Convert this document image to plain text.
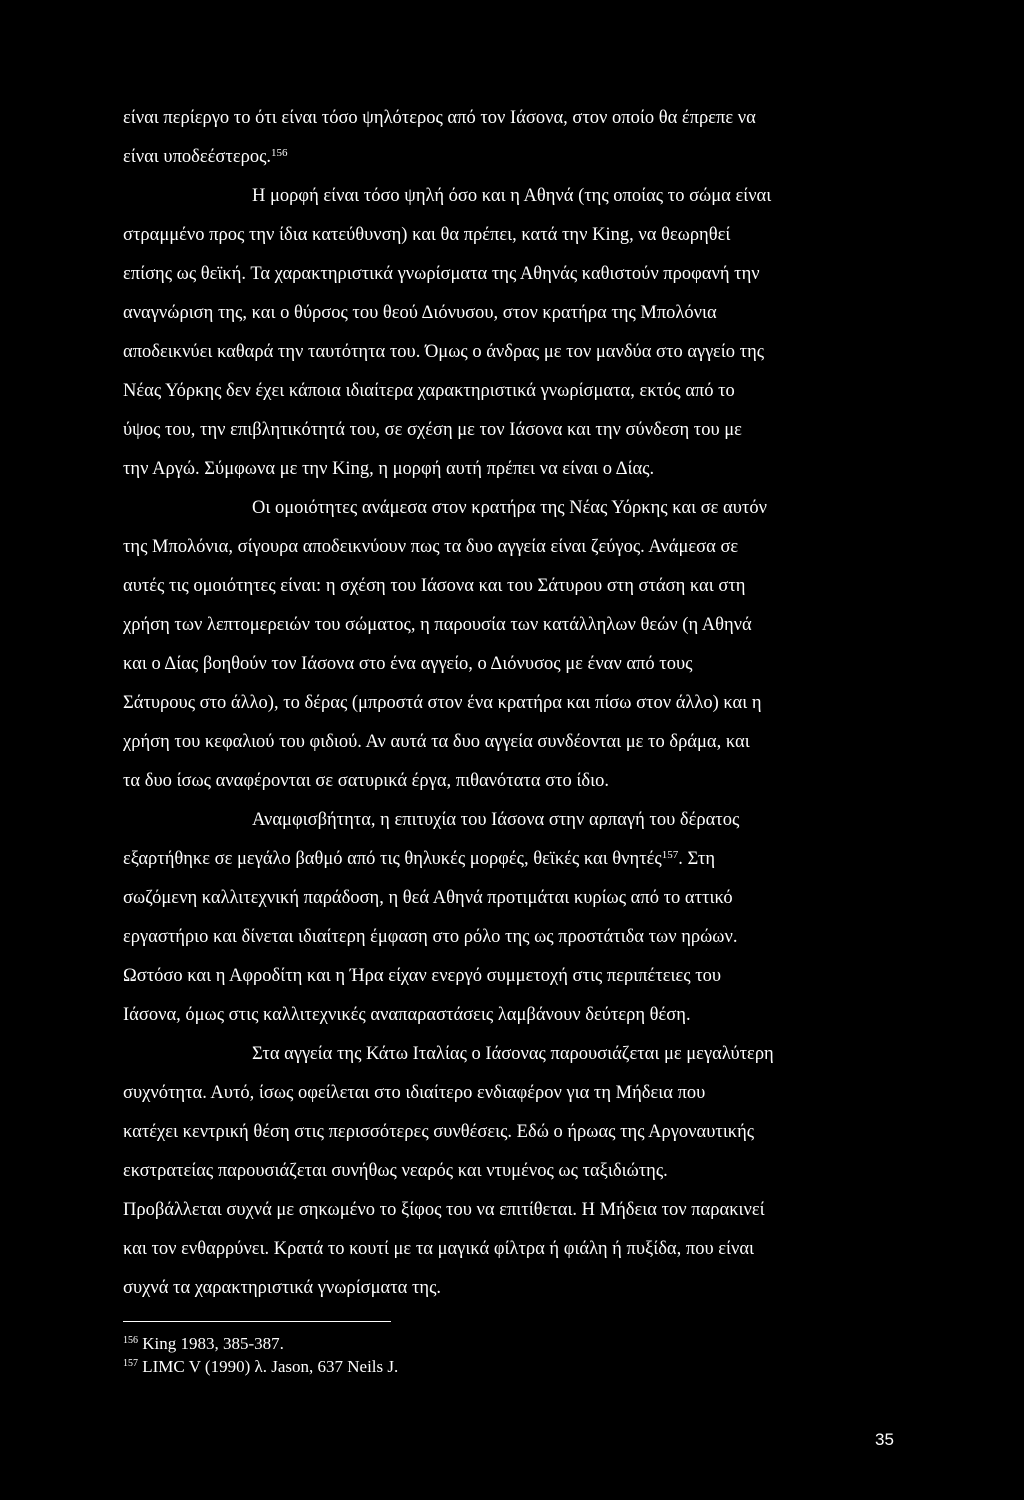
είναι περίεργο το ότι είναι τόσο ψηλότερος από τον Ιάσονα, στον οποίο θα έπρεπε να
είναι υποδεέστερος.$^{156}$
Η μορφή είναι τόσο ψηλή όσο και η Αθηνά (της οποίας το σώμα είναι
στραμμένο προς την ίδια κατεύθυνση) και θα πρέπει, κατά την King, να θεωρηθεί
επίσης ως θεϊκή. Τα χαρακτηριστικά γνωρίσματα της Αθηνάς καθιστούν προφανή την
αναγνώριση της, και ο θύρσος του θεού Διόνυσου, στον κρατήρα της Μπολόνια
αποδεικνύει καθαρά την ταυτότητα του. Όμως ο άνδρας με τον μανδύα στο αγγείο της
Νέας Υόρκης δεν έχει κάποια ιδιαίτερα χαρακτηριστικά γνωρίσματα, εκτός από το
ύψος του, την επιβλητικότητά του, σε σχέση με τον Ιάσονα και την σύνδεση του με
την Αργώ. Σύμφωνα με την King, η μορφή αυτή πρέπει να είναι ο Δίας.
Οι ομοιότητες ανάμεσα στον κρατήρα της Νέας Υόρκης και σε αυτόν
της Μπολόνια, σίγουρα αποδεικνύουν πως τα δυο αγγεία είναι ζεύγος. Ανάμεσα σε
αυτές τις ομοιότητες είναι: η σχέση του Ιάσονα και του Σάτυρου στη στάση και στη
χρήση των λεπτομερειών του σώματος, η παρουσία των κατάλληλων θεών (η Αθηνά
και ο Δίας βοηθούν τον Ιάσονα στο ένα αγγείο, ο Διόνυσος με έναν από τους
Σάτυρους στο άλλο), το δέρας (μπροστά στον ένα κρατήρα και πίσω στον άλλο) και η
χρήση του κεφαλιού του φιδιού. Αν αυτά τα δυο αγγεία συνδέονται με το δράμα, και
τα δυο ίσως αναφέρονται σε σατυρικά έργα, πιθανότατα στο ίδιο.
Αναμφισβήτητα, η επιτυχία του Ιάσονα στην αρπαγή του δέρατος
εξαρτήθηκε σε μεγάλο βαθμό από τις θηλυκές μορφές, θεϊκές και θνητές$^{157}$. Στη
σωζόμενη καλλιτεχνική παράδοση, η θεά Αθηνά προτιμάται κυρίως από το αττικό
εργαστήριο και δίνεται ιδιαίτερη έμφαση στο ρόλο της ως προστάτιδα των ηρώων.
Ωστόσο και η Αφροδίτη και η Ήρα είχαν ενεργό συμμετοχή στις περιπέτειες του
Ιάσονα, όμως στις καλλιτεχνικές αναπαραστάσεις λαμβάνουν δεύτερη θέση.
Στα αγγεία της Κάτω Ιταλίας ο Ιάσονας παρουσιάζεται με μεγαλύτερη
συχνότητα. Αυτό, ίσως οφείλεται στο ιδιαίτερο ενδιαφέρον για τη Μήδεια που
κατέχει κεντρική θέση στις περισσότερες συνθέσεις. Εδώ ο ήρωας της Αργοναυτικής
εκστρατείας παρουσιάζεται συνήθως νεαρός και ντυμένος ως ταξιδιώτης.
Προβάλλεται συχνά με σηκωμένο το ξίφος του να επιτίθεται. Η Μήδεια τον παρακινεί
και τον ενθαρρύνει. Κρατά το κουτί με τα μαγικά φίλτρα ή φιάλη ή πυξίδα, που είναι
συχνά τα χαρακτηριστικά γνωρίσματα της.
$^{156}$ King 1983, 385-387.
$^{157}$ LIMC V (1990) λ. Jason, 637 Neils J.
35
